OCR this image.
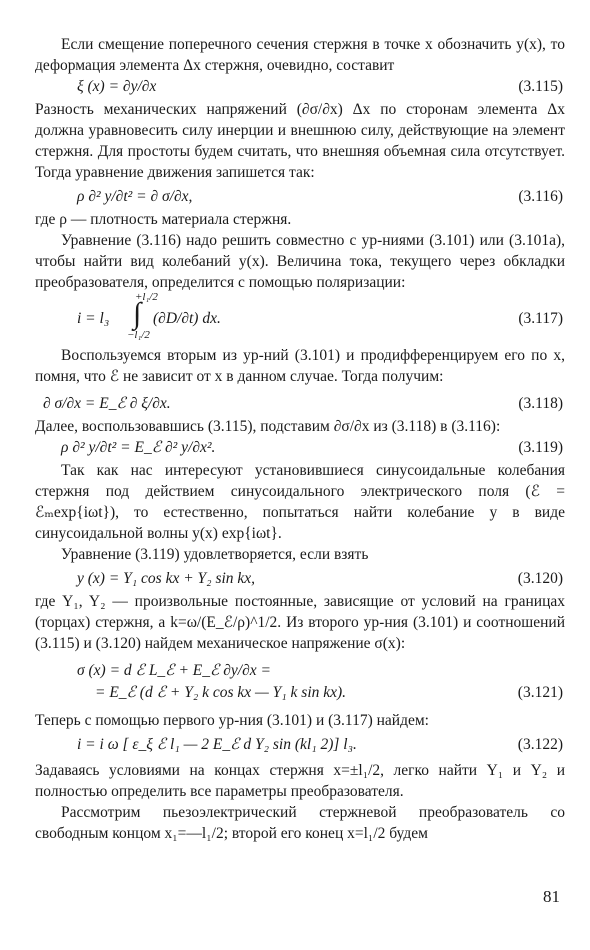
Если смещение поперечного сечения стержня в точке x обозначить y(x), то деформация элемента Δx стержня, очевидно, составит

ξ (x) = ∂y/∂x	(3.115)

Разность механических напряжений (∂σ/∂x) Δx по сторонам элемента Δx должна уравновесить силу инерции и внешнюю силу, действующие на элемент стержня. Для простоты будем считать, что внешняя объемная сила отсутствует. Тогда уравнение движения запишется так:

ρ ∂² y/∂t² = ∂ σ/∂x,	(3.116)

где ρ — плотность материала стержня.

Уравнение (3.116) надо решить совместно с ур-ниями (3.101) или (3.101а), чтобы найти вид колебаний y(x). Величина тока, текущего через обкладки преобразователя, определится с помощью поляризации:

i = l₃
+l₁/2
∫
−l₁/2
(∂D/∂t) dx.	(3.117)

Воспользуемся вторым из ур-ний (3.101) и продифференцируем его по x, помня, что ℰ не зависит от x в данном случае. Тогда получим:

∂ σ/∂x = E_ℰ ∂ ξ/∂x.	(3.118)

Далее, воспользовавшись (3.115), подставим ∂σ/∂x из (3.118) в (3.116):

ρ ∂² y/∂t² = E_ℰ ∂² y/∂x².	(3.119)

Так как нас интересуют установившиеся синусоидальные колебания стержня под действием синусоидального электрического поля (ℰ = ℰₘexp{iωt}), то естественно, попытаться найти колебание y в виде синусоидальной волны y(x) exp{iωt}.

Уравнение (3.119) удовлетворяется, если взять

y (x) = Y₁ cos kx + Y₂ sin kx,	(3.120)

где Y₁, Y₂ — произвольные постоянные, зависящие от условий на границах (торцах) стержня, а k=ω/(E_ℰ/ρ)^1/2. Из второго ур-ния (3.101) и соотношений (3.115) и (3.120) найдем механическое напряжение σ(x):

σ (x) = d ℰ L_ℰ + E_ℰ ∂y/∂x =
= E_ℰ (d ℰ + Y₂ k cos kx — Y₁ k sin kx).	(3.121)

Теперь с помощью первого ур-ния (3.101) и (3.117) найдем:

i = i ω [ ε_ξ ℰ l₁ — 2 E_ℰ d Y₂ sin (kl₁ 2)] l₃.	(3.122)

Задаваясь условиями на концах стержня x=±l₁/2, легко найти Y₁ и Y₂ и полностью определить все параметры преобразователя.

Рассмотрим пьезоэлектрический стержневой преобразователь со свободным концом x₁=—l₁/2; второй его конец x=l₁/2 будем

81
